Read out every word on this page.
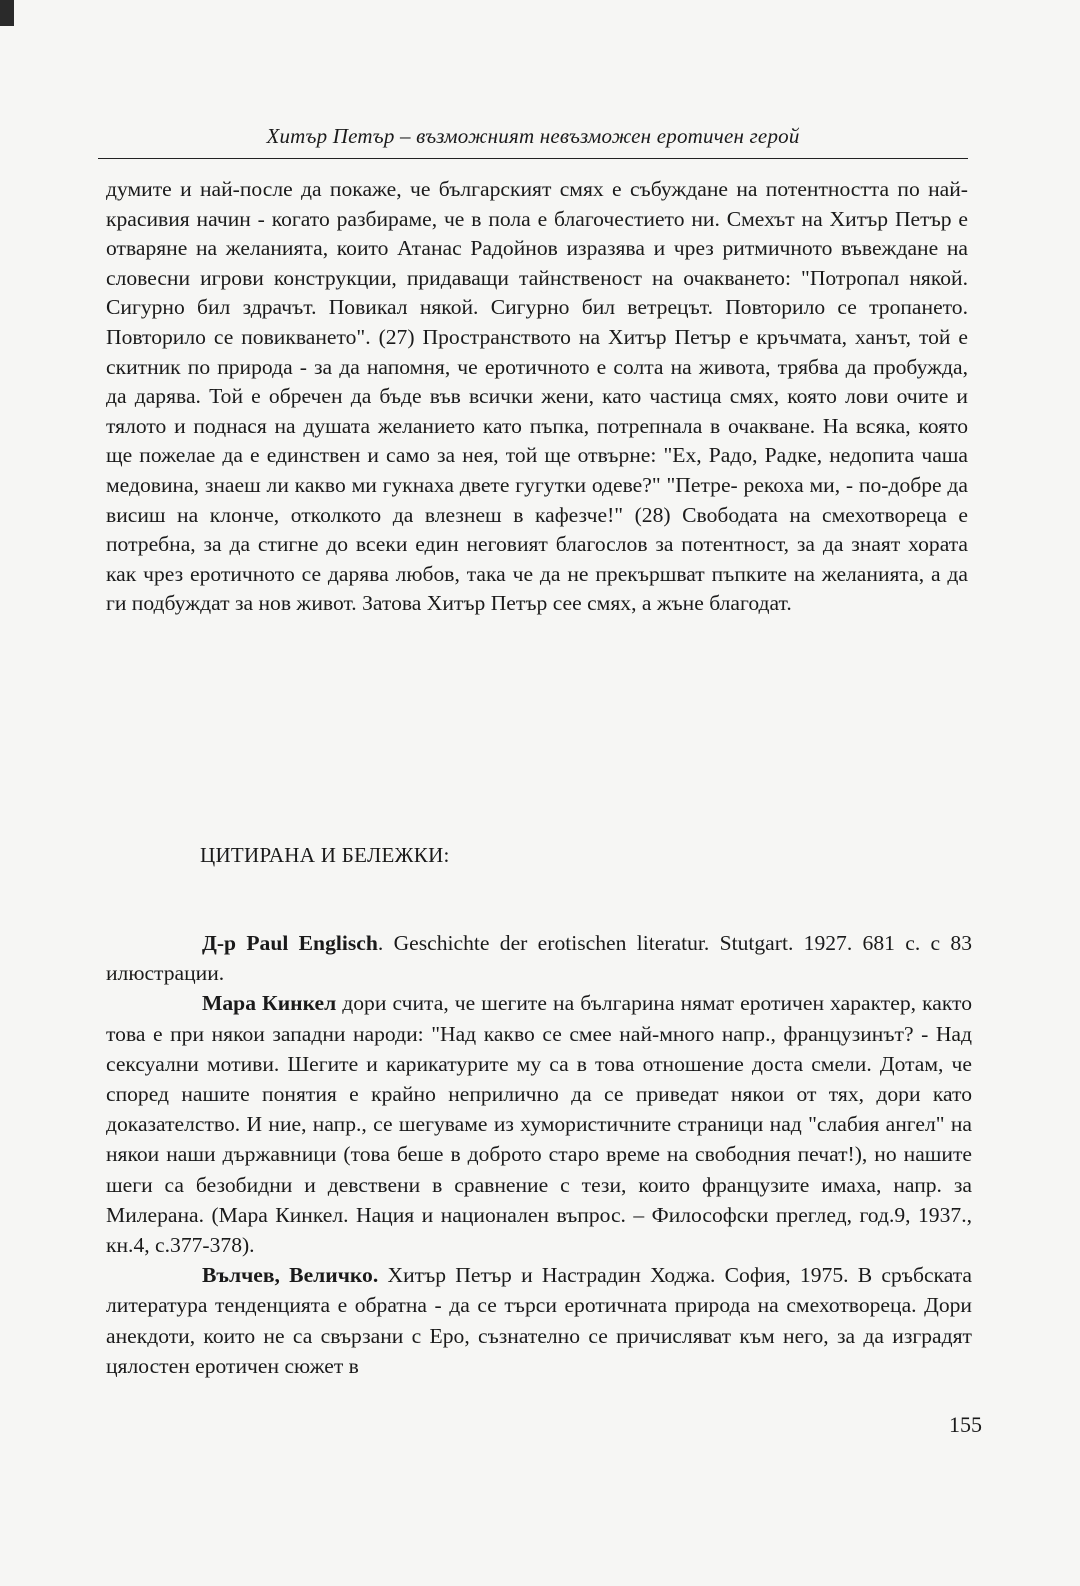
Хитър Петър – възможният невъзможен еротичен герой

думите и най-после да покаже, че българският смях е събуждане на потентността по най-красивия начин - когато разбираме, че в пола е благочестието ни. Смехът на Хитър Петър е отваряне на желанията, които Атанас Радойнов изразява и чрез ритмичното въвеждане на словесни игрови конструкции, придаващи тайнственост на очакването: "Потропал някой. Сигурно бил здрачът. Повикал някой. Сигурно бил ветрецът. Повторило се тропането. Повторило се повикването". (27) Пространството на Хитър Петър е кръчмата, ханът, той е скитник по природа - за да напомня, че еротичното е солта на живота, трябва да пробужда, да дарява. Той е обречен да бъде във всички жени, като частица смях, която лови очите и тялото и поднася на душата желанието като пъпка, потрепнала в очакване. На всяка, която ще пожелае да е единствен и само за нея, той ще отвърне: "Ех, Радо, Радке, недопита чаша медовина, знаеш ли какво ми гукнаха двете гугутки одеве?" "Петре- рекоха ми, - по-добре да висиш на клонче, отколкото да влезнеш в кафезче!" (28) Свободата на смехотвореца е потребна, за да стигне до всеки един неговият благослов за потентност, за да знаят хората как чрез еротичното се дарява любов, така че да не прекършват пъпките на желанията, а да ги подбуждат за нов живот. Затова Хитър Петър сее смях, а жъне благодат.

ЦИТИРАНА И БЕЛЕЖКИ:

Д-р Paul Englisch. Geschichte der erotischen literatur. Stutgart. 1927. 681 с. с 83 илюстрации.

Мара Кинкел дори счита, че шегите на българина нямат еротичен характер, както това е при някои западни народи: "Над какво се смее най-много напр., французинът? - Над сексуални мотиви. Шегите и карикатурите му са в това отношение доста смели. Дотам, че според нашите понятия е крайно неприлично да се приведат някои от тях, дори като доказателство. И ние, напр., се шегуваме из хумористичните страници над "слабия ангел" на някои наши държавници (това беше в доброто старо време на свободния печат!), но нашите шеги са безобидни и девствени в сравнение с тези, които французите имаха, напр. за Милерана. (Мара Кинкел. Нация и национален въпрос. – Философски преглед, год.9, 1937., кн.4, с.377-378).

Вълчев, Величко. Хитър Петър и Настрадин Ходжа. София, 1975. В сръбската литература тенденцията е обратна - да се търси еротичната природа на смехотвореца. Дори анекдоти, които не са свързани с Еро, съзнателно се причисляват към него, за да изградят цялостен еротичен сюжет в

155
